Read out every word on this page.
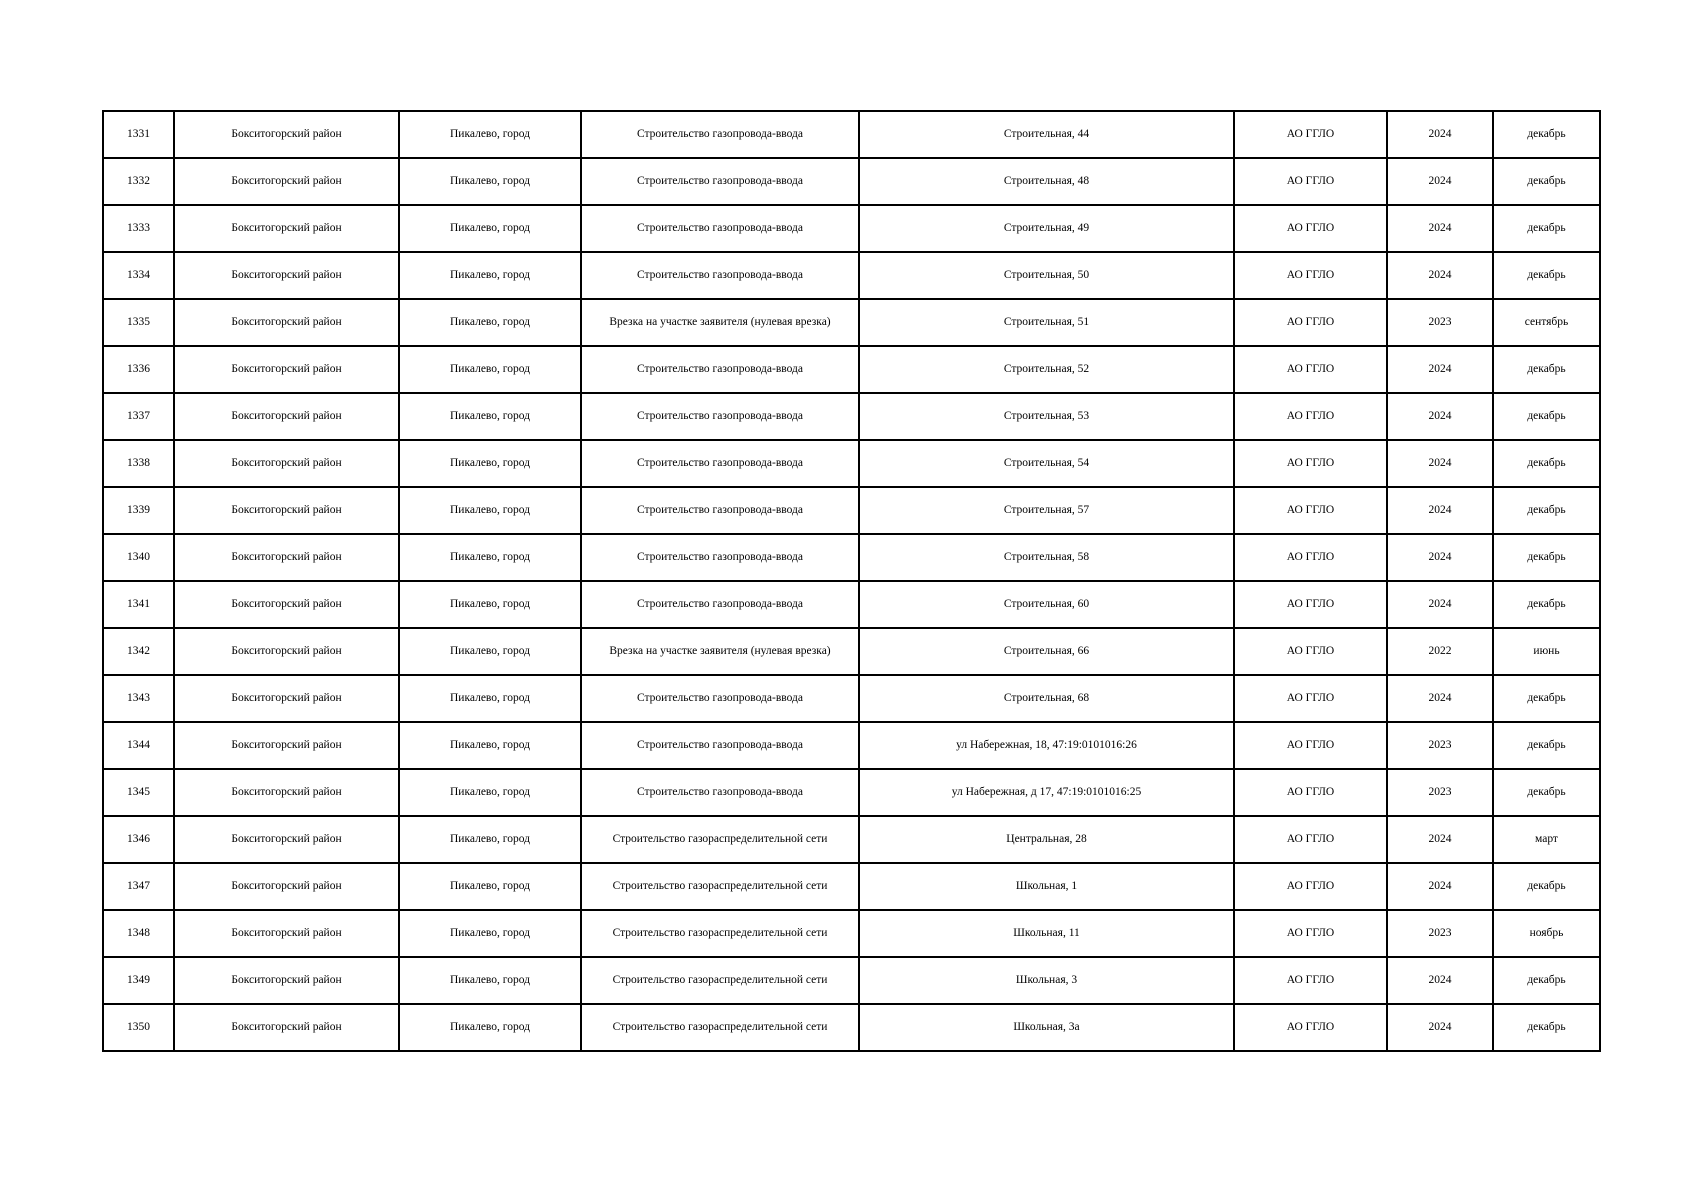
1331	Бокситогорский район	Пикалево, город	Строительство газопровода-ввода	Строительная, 44	АО ГГЛО	2024	декабрь
1332	Бокситогорский район	Пикалево, город	Строительство газопровода-ввода	Строительная, 48	АО ГГЛО	2024	декабрь
1333	Бокситогорский район	Пикалево, город	Строительство газопровода-ввода	Строительная, 49	АО ГГЛО	2024	декабрь
1334	Бокситогорский район	Пикалево, город	Строительство газопровода-ввода	Строительная, 50	АО ГГЛО	2024	декабрь
1335	Бокситогорский район	Пикалево, город	Врезка на участке заявителя (нулевая врезка)	Строительная, 51	АО ГГЛО	2023	сентябрь
1336	Бокситогорский район	Пикалево, город	Строительство газопровода-ввода	Строительная, 52	АО ГГЛО	2024	декабрь
1337	Бокситогорский район	Пикалево, город	Строительство газопровода-ввода	Строительная, 53	АО ГГЛО	2024	декабрь
1338	Бокситогорский район	Пикалево, город	Строительство газопровода-ввода	Строительная, 54	АО ГГЛО	2024	декабрь
1339	Бокситогорский район	Пикалево, город	Строительство газопровода-ввода	Строительная, 57	АО ГГЛО	2024	декабрь
1340	Бокситогорский район	Пикалево, город	Строительство газопровода-ввода	Строительная, 58	АО ГГЛО	2024	декабрь
1341	Бокситогорский район	Пикалево, город	Строительство газопровода-ввода	Строительная, 60	АО ГГЛО	2024	декабрь
1342	Бокситогорский район	Пикалево, город	Врезка на участке заявителя (нулевая врезка)	Строительная, 66	АО ГГЛО	2022	июнь
1343	Бокситогорский район	Пикалево, город	Строительство газопровода-ввода	Строительная, 68	АО ГГЛО	2024	декабрь
1344	Бокситогорский район	Пикалево, город	Строительство газопровода-ввода	ул Набережная, 18, 47:19:0101016:26	АО ГГЛО	2023	декабрь
1345	Бокситогорский район	Пикалево, город	Строительство газопровода-ввода	ул Набережная, д 17, 47:19:0101016:25	АО ГГЛО	2023	декабрь
1346	Бокситогорский район	Пикалево, город	Строительство газораспределительной сети	Центральная, 28	АО ГГЛО	2024	март
1347	Бокситогорский район	Пикалево, город	Строительство газораспределительной сети	Школьная, 1	АО ГГЛО	2024	декабрь
1348	Бокситогорский район	Пикалево, город	Строительство газораспределительной сети	Школьная, 11	АО ГГЛО	2023	ноябрь
1349	Бокситогорский район	Пикалево, город	Строительство газораспределительной сети	Школьная, 3	АО ГГЛО	2024	декабрь
1350	Бокситогорский район	Пикалево, город	Строительство газораспределительной сети	Школьная, 3а	АО ГГЛО	2024	декабрь
